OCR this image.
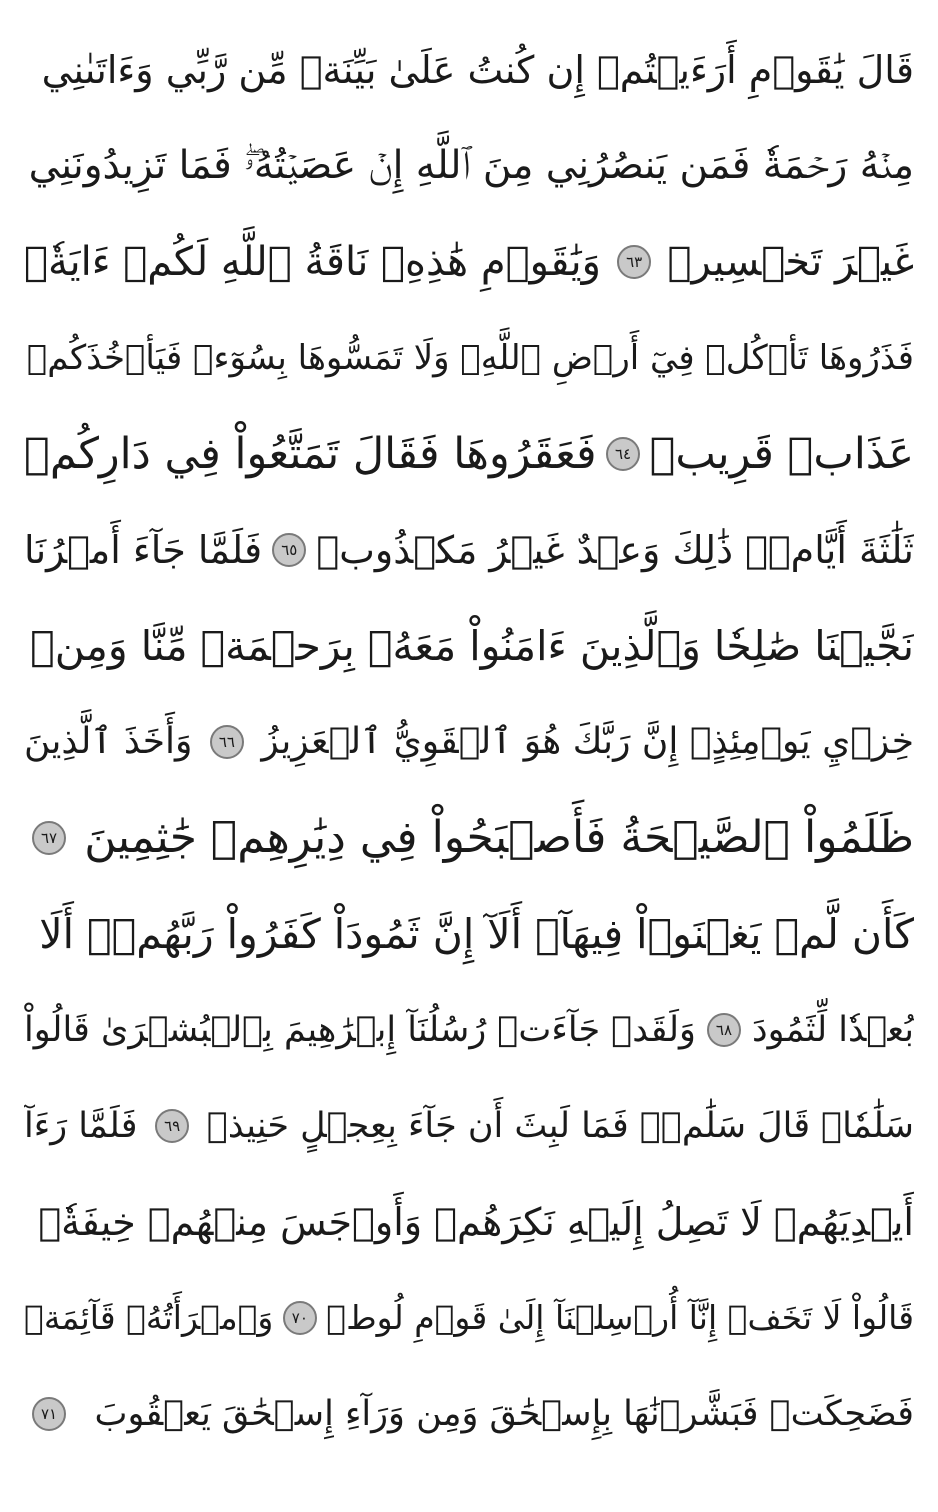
قَالَ يَٰقَوۡمِ أَرَءَيۡتُمۡ إِن كُنتُ عَلَىٰ بَيِّنَةٖ مِّن رَّبِّي وَءَاتَىٰنِي
مِنۡهُ رَحۡمَةٗ فَمَن يَنصُرُنِي مِنَ ٱللَّهِ إِنۡ عَصَيۡتُهُۥۖ فَمَا تَزِيدُونَنِي
غَيۡرَ تَخۡسِيرٖ
٦٣
وَيَٰقَوۡمِ هَٰذِهِۦ نَاقَةُ ٱللَّهِ لَكُمۡ ءَايَةٗۖ
فَذَرُوهَا تَأۡكُلۡ فِيٓ أَرۡضِ ٱللَّهِۖ وَلَا تَمَسُّوهَا بِسُوٓءٖ فَيَأۡخُذَكُمۡ
عَذَابٞ قَرِيبٞ
٦٤
فَعَقَرُوهَا فَقَالَ تَمَتَّعُواْ فِي دَارِكُمۡ
ثَلَٰثَةَ أَيَّامٖۖ ذَٰلِكَ وَعۡدٌ غَيۡرُ مَكۡذُوبٖ
٦٥
فَلَمَّا جَآءَ أَمۡرُنَا
نَجَّيۡنَا صَٰلِحٗا وَٱلَّذِينَ ءَامَنُواْ مَعَهُۥ بِرَحۡمَةٖ مِّنَّا وَمِنۡ
خِزۡيِ يَوۡمِئِذٍۚ إِنَّ رَبَّكَ هُوَ ٱلۡقَوِيُّ ٱلۡعَزِيزُ
٦٦
وَأَخَذَ ٱلَّذِينَ
ظَلَمُواْ ٱلصَّيۡحَةُ فَأَصۡبَحُواْ فِي دِيَٰرِهِمۡ جَٰثِمِينَ
٦٧
كَأَن لَّمۡ يَغۡنَوۡاْ فِيهَآۗ أَلَآ إِنَّ ثَمُودَاْ كَفَرُواْ رَبَّهُمۡۗ أَلَا
بُعۡدٗا لِّثَمُودَ
٦٨
وَلَقَدۡ جَآءَتۡ رُسُلُنَآ إِبۡرَٰهِيمَ بِٱلۡبُشۡرَىٰ قَالُواْ
سَلَٰمٗاۖ قَالَ سَلَٰمٞۖ فَمَا لَبِثَ أَن جَآءَ بِعِجۡلٍ حَنِيذٖ
٦٩
فَلَمَّا رَءَآ
أَيۡدِيَهُمۡ لَا تَصِلُ إِلَيۡهِ نَكِرَهُمۡ وَأَوۡجَسَ مِنۡهُمۡ خِيفَةٗۚ
قَالُواْ لَا تَخَفۡ إِنَّآ أُرۡسِلۡنَآ إِلَىٰ قَوۡمِ لُوطٖ
٧٠
وَٱمۡرَأَتُهُۥ قَآئِمَةٞ
فَضَحِكَتۡ فَبَشَّرۡنَٰهَا بِإِسۡحَٰقَ وَمِن وَرَآءِ إِسۡحَٰقَ يَعۡقُوبَ
٧١
